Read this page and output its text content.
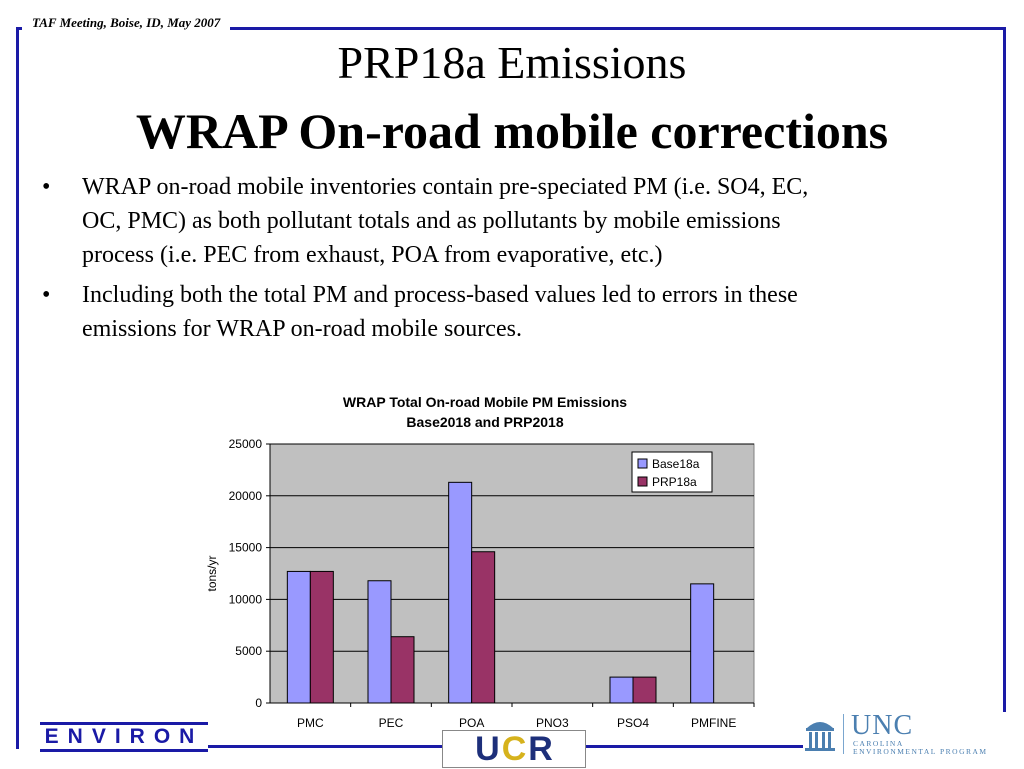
TAF Meeting, Boise, ID, May 2007
PRP18a Emissions
WRAP On-road mobile corrections
• WRAP on-road mobile inventories contain pre-speciated PM (i.e. SO4, EC, OC, PMC) as both pollutant totals and as pollutants by mobile emissions process (i.e. PEC from exhaust, POA from evaporative, etc.)
• Including both the total PM and process-based values led to errors in these emissions for WRAP on-road mobile sources.
WRAP Total On-road Mobile PM Emissions
Base2018 and PRP2018
0
5000
10000
15000
20000
25000
PMC	PEC	POA	PNO3	PSO4	PMFINE
tons/yr
Base18a
PRP18a
ENVIRON	U C R
UNC
CAROLINA
ENVIRONMENTAL PROGRAM
